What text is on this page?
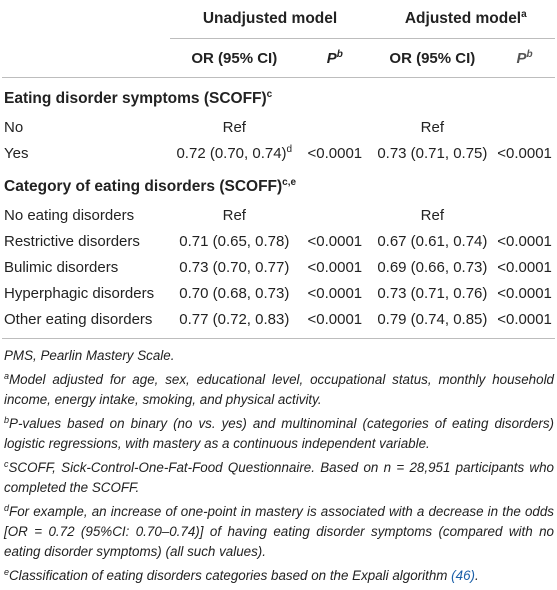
	Unadjusted model		Adjusted model$^a$
	OR (95% CI)	$P^b$	OR (95% CI)	$P^b$
Eating disorder symptoms (SCOFF)$^c$
No	Ref		Ref	
Yes	0.72 (0.70, 0.74)$^d$	<0.0001	0.73 (0.71, 0.75)	<0.0001
Category of eating disorders (SCOFF)$^{c,e}$
No eating disorders	Ref		Ref	
Restrictive disorders	0.71 (0.65, 0.78)	<0.0001	0.67 (0.61, 0.74)	<0.0001
Bulimic disorders	0.73 (0.70, 0.77)	<0.0001	0.69 (0.66, 0.73)	<0.0001
Hyperphagic disorders	0.70 (0.68, 0.73)	<0.0001	0.73 (0.71, 0.76)	<0.0001
Other eating disorders	0.77 (0.72, 0.83)	<0.0001	0.79 (0.74, 0.85)	<0.0001

PMS, Pearlin Mastery Scale.

$^a$Model adjusted for age, sex, educational level, occupational status, monthly household income, energy intake, smoking, and physical activity.

$^b$P-values based on binary (no vs. yes) and multinominal (categories of eating disorders) logistic regressions, with mastery as a continuous independent variable.

$^c$SCOFF, Sick-Control-One-Fat-Food Questionnaire. Based on n = 28,951 participants who completed the SCOFF.

$^d$For example, an increase of one-point in mastery is associated with a decrease in the odds [OR = 0.72 (95%CI: 0.70–0.74)] of having eating disorder symptoms (compared with no eating disorder symptoms) (all such values).

$^e$Classification of eating disorders categories based on the Expali algorithm (46).
